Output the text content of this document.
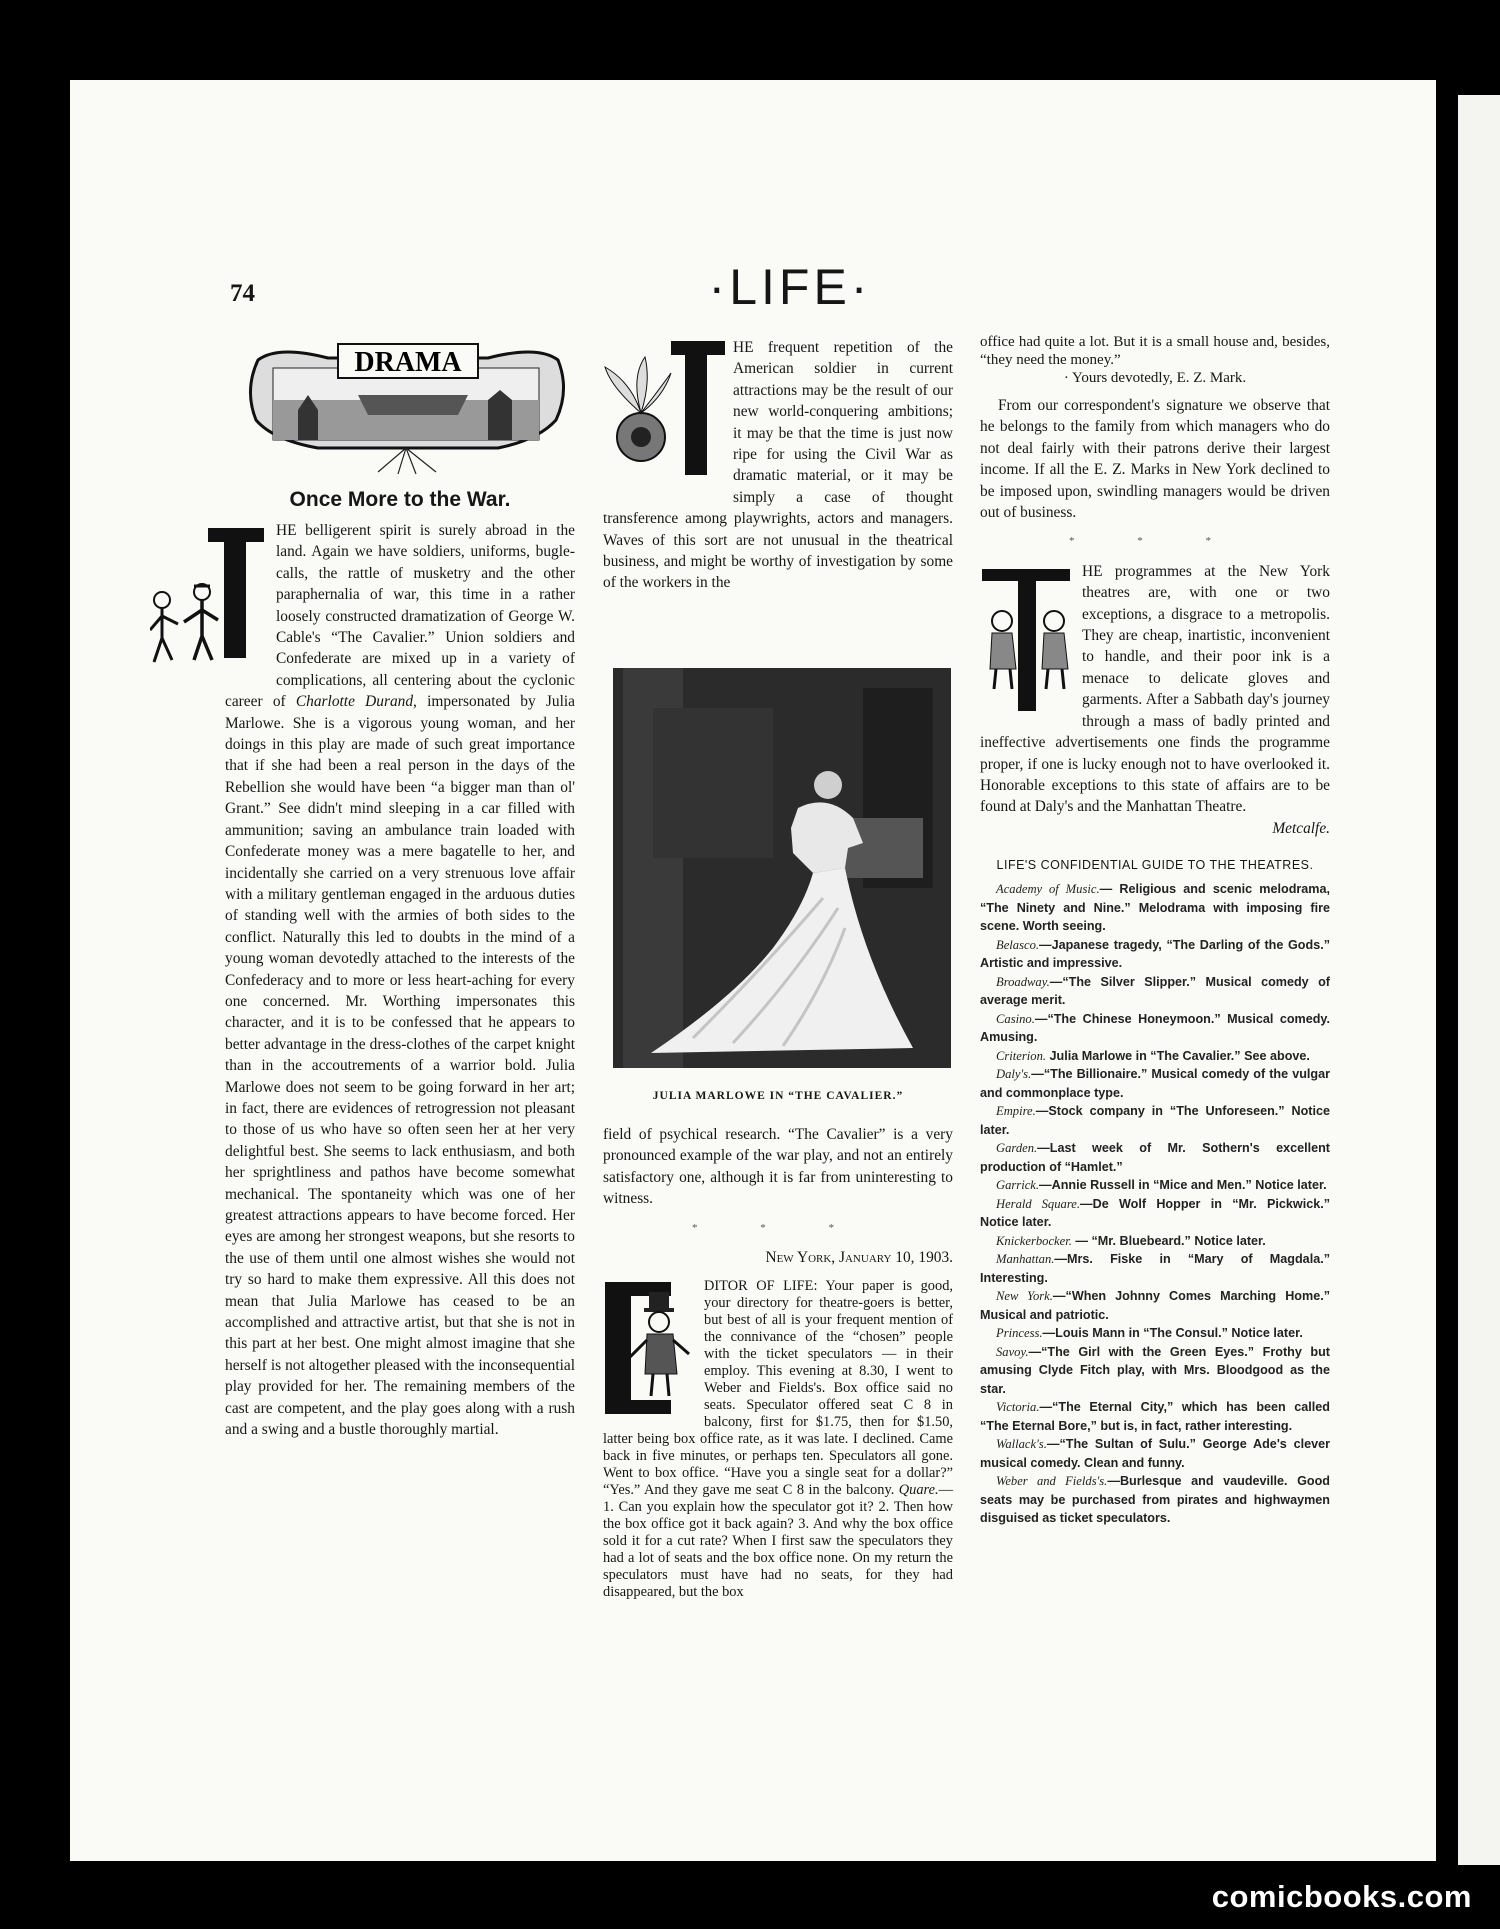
74	·LIFE·
DRAMA
Once More to the War.

HE belligerent spirit is surely abroad in the land. Again we have soldiers, uniforms, bugle-calls, the rattle of musketry and the other paraphernalia of war, this time in a rather loosely constructed dramatization of George W. Cable's “The Cavalier.” Union soldiers and Confederate are mixed up in a variety of complications, all centering about the cyclonic career of Charlotte Durand, impersonated by Julia Marlowe. She is a vigorous young woman, and her doings in this play are made of such great importance that if she had been a real person in the days of the Rebellion she would have been “a bigger man than ol' Grant.” See didn't mind sleeping in a car filled with ammunition; saving an ambulance train loaded with Confederate money was a mere bagatelle to her, and incidentally she carried on a very strenuous love affair with a military gentleman engaged in the arduous duties of standing well with the armies of both sides to the conflict. Naturally this led to doubts in the mind of a young woman devotedly attached to the interests of the Confederacy and to more or less heart-aching for every one concerned. Mr. Worthing impersonates this character, and it is to be confessed that he appears to better advantage in the dress-clothes of the carpet knight than in the accoutrements of a warrior bold. Julia Marlowe does not seem to be going forward in her art; in fact, there are evidences of retrogression not pleasant to those of us who have so often seen her at her very delightful best. She seems to lack enthusiasm, and both her sprightliness and pathos have become somewhat mechanical. The spontaneity which was one of her greatest attractions appears to have become forced. Her eyes are among her strongest weapons, but she resorts to the use of them until one almost wishes she would not try so hard to make them expressive. All this does not mean that Julia Marlowe has ceased to be an accomplished and attractive artist, but that she is not in this part at her best. One might almost imagine that she herself is not altogether pleased with the inconsequential play provided for her. The remaining members of the cast are competent, and the play goes along with a rush and a swing and a bustle thoroughly martial.

HE frequent repetition of the American soldier in current attractions may be the result of our new world-conquering ambitions; it may be that the time is just now ripe for using the Civil War as dramatic material, or it may be simply a case of thought transference among playwrights, actors and managers. Waves of this sort are not unusual in the theatrical business, and might be worthy of investigation by some of the workers in the

JULIA MARLOWE IN “THE CAVALIER.”

field of psychical research. “The Cavalier” is a very pronounced example of the war play, and not an entirely satisfactory one, although it is far from uninteresting to witness.

* * *
New York, January 10, 1903.

DITOR OF LIFE: Your paper is good, your directory for theatre-goers is better, but best of all is your frequent mention of the connivance of the “chosen” people with the ticket speculators — in their employ. This evening at 8.30, I went to Weber and Fields's. Box office said no seats. Speculator offered seat C 8 in balcony, first for $1.75, then for $1.50, latter being box office rate, as it was late. I declined. Came back in five minutes, or perhaps ten. Speculators all gone. Went to box office. “Have you a single seat for a dollar?” “Yes.” And they gave me seat C 8 in the balcony. Quare.—1. Can you explain how the speculator got it? 2. Then how the box office got it back again? 3. And why the box office sold it for a cut rate? When I first saw the speculators they had a lot of seats and the box office none. On my return the speculators must have had no seats, for they had disappeared, but the box

office had quite a lot. But it is a small house and, besides, “they need the money.”

· Yours devotedly, E. Z. Mark.

From our correspondent's signature we observe that he belongs to the family from which managers who do not deal fairly with their patrons derive their largest income. If all the E. Z. Marks in New York declined to be imposed upon, swindling managers would be driven out of business.

* * *

HE programmes at the New York theatres are, with one or two exceptions, a disgrace to a metropolis. They are cheap, inartistic, inconvenient to handle, and their poor ink is a menace to delicate gloves and garments. After a Sabbath day's journey through a mass of badly printed and ineffective advertisements one finds the programme proper, if one is lucky enough not to have overlooked it. Honorable exceptions to this state of affairs are to be found at Daly's and the Manhattan Theatre.

Metcalfe.
LIFE'S CONFIDENTIAL GUIDE TO THE THEATRES.

Academy of Music.— Religious and scenic melodrama, “The Ninety and Nine.” Melodrama with imposing fire scene. Worth seeing.

Belasco.—Japanese tragedy, “The Darling of the Gods.” Artistic and impressive.

Broadway.—“The Silver Slipper.” Musical comedy of average merit.

Casino.—“The Chinese Honeymoon.” Musical comedy. Amusing.

Criterion. Julia Marlowe in “The Cavalier.” See above.

Daly's.—“The Billionaire.” Musical comedy of the vulgar and commonplace type.

Empire.—Stock company in “The Unforeseen.” Notice later.

Garden.—Last week of Mr. Sothern's excellent production of “Hamlet.”

Garrick.—Annie Russell in “Mice and Men.” Notice later.

Herald Square.—De Wolf Hopper in “Mr. Pickwick.” Notice later.

Knickerbocker. — “Mr. Bluebeard.” Notice later.

Manhattan.—Mrs. Fiske in “Mary of Magdala.” Interesting.

New York.—“When Johnny Comes Marching Home.” Musical and patriotic.

Princess.—Louis Mann in “The Consul.” Notice later.

Savoy.—“The Girl with the Green Eyes.” Frothy but amusing Clyde Fitch play, with Mrs. Bloodgood as the star.

Victoria.—“The Eternal City,” which has been called “The Eternal Bore,” but is, in fact, rather interesting.

Wallack's.—“The Sultan of Sulu.” George Ade's clever musical comedy. Clean and funny.

Weber and Fields's.—Burlesque and vaudeville. Good seats may be purchased from pirates and highwaymen disguised as ticket speculators.

comicbooks.com
